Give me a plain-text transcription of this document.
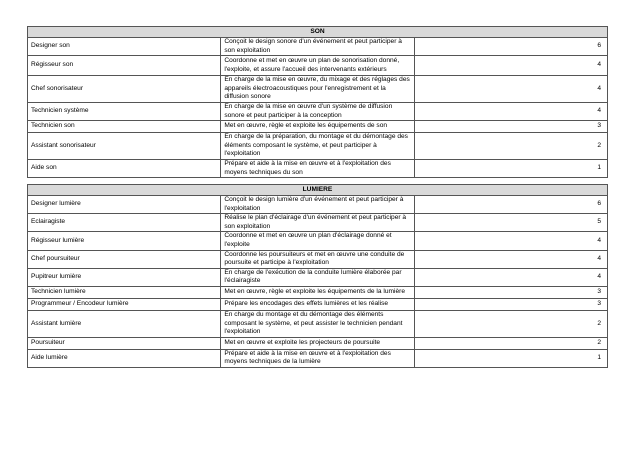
SON		
Designer son	Conçoit le design sonore d'un événement et peut participer à son exploitation	6
Régisseur son	Coordonne et met en œuvre un plan de sonorisation donné, l'exploite, et assure l'accueil des intervenants extérieurs	4
Chef sonorisateur	En charge de la mise en œuvre, du mixage et des réglages des appareils électroacoustiques pour l'enregistrement et la diffusion sonore	4
Technicien système	En charge de la mise en œuvre d'un système de diffusion sonore et peut participer à la conception	4
Technicien son	Met en œuvre, règle et exploite les équipements de son	3
Assistant sonorisateur	En charge de la préparation, du montage et du démontage des éléments composant le système, et peut participer à l'exploitation	2
Aide son	Prépare et aide à la mise en œuvre et à l'exploitation des moyens techniques du son	1
LUMIERE		
Designer lumière	Conçoit le design lumière d'un événement et peut participer à l'exploitation	6
Eclairagiste	Réalise le plan d'éclairage d'un événement et peut participer à son exploitation	5
Régisseur lumière	Coordonne et met en œuvre un plan d'éclairage donné et l'exploite	4
Chef poursuiteur	Coordonne les poursuiteurs et met en œuvre une conduite de poursuite et participe à l'exploitation	4
Pupitreur lumière	En charge de l'exécution de la conduite lumière élaborée par l'éclairagiste	4
Technicien lumière	Met en œuvre, règle et exploite les équipements de la lumière	3
Programmeur / Encodeur lumière	Prépare les encodages des effets lumières et les réalise	3
Assistant lumière	En charge du montage et du démontage des éléments composant le système, et peut assister le technicien pendant l'exploitation	2
Poursuiteur	Met en œuvre et exploite les projecteurs de poursuite	2
Aide lumière	Prépare et aide à la mise en œuvre et à l'exploitation des moyens techniques de la lumière	1
